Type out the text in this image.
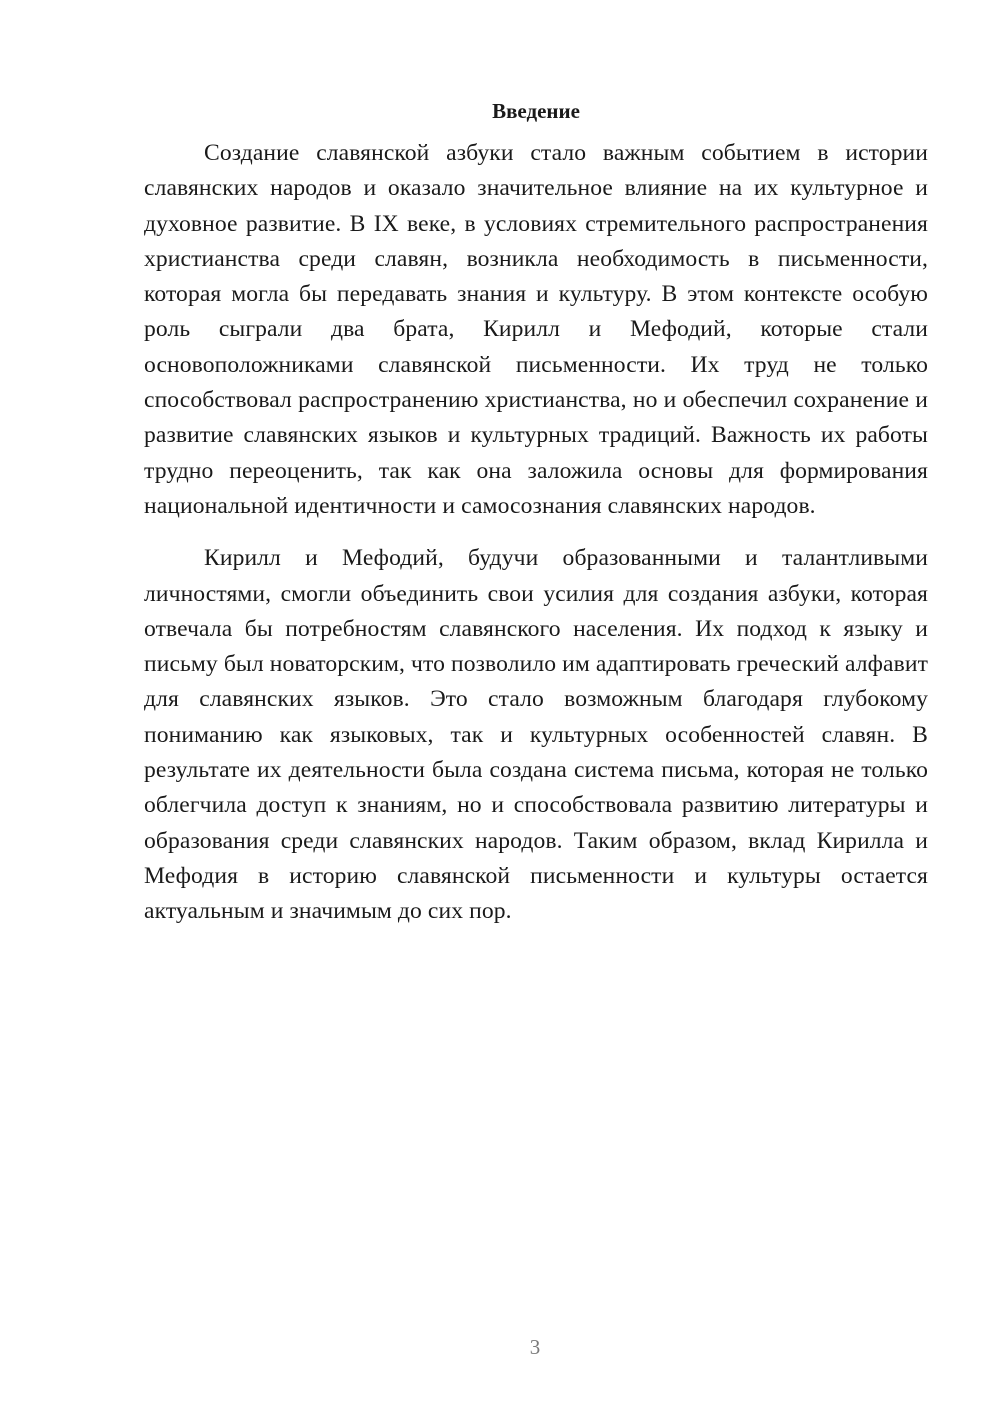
Введение

Создание славянской азбуки стало важным событием в истории славянских народов и оказало значительное влияние на их культурное и духовное развитие. В IX веке, в условиях стремительного распространения христианства среди славян, возникла необходимость в письменности, которая могла бы передавать знания и культуру. В этом контексте особую роль сыграли два брата, Кирилл и Мефодий, которые стали основоположниками славянской письменности. Их труд не только способствовал распространению христианства, но и обеспечил сохранение и развитие славянских языков и культурных традиций. Важность их работы трудно переоценить, так как она заложила основы для формирования национальной идентичности и самосознания славянских народов.

Кирилл и Мефодий, будучи образованными и талантливыми личностями, смогли объединить свои усилия для создания азбуки, которая отвечала бы потребностям славянского населения. Их подход к языку и письму был новаторским, что позволило им адаптировать греческий алфавит для славянских языков. Это стало возможным благодаря глубокому пониманию как языковых, так и культурных особенностей славян. В результате их деятельности была создана система письма, которая не только облегчила доступ к знаниям, но и способствовала развитию литературы и образования среди славянских народов. Таким образом, вклад Кирилла и Мефодия в историю славянской письменности и культуры остается актуальным и значимым до сих пор.

3
